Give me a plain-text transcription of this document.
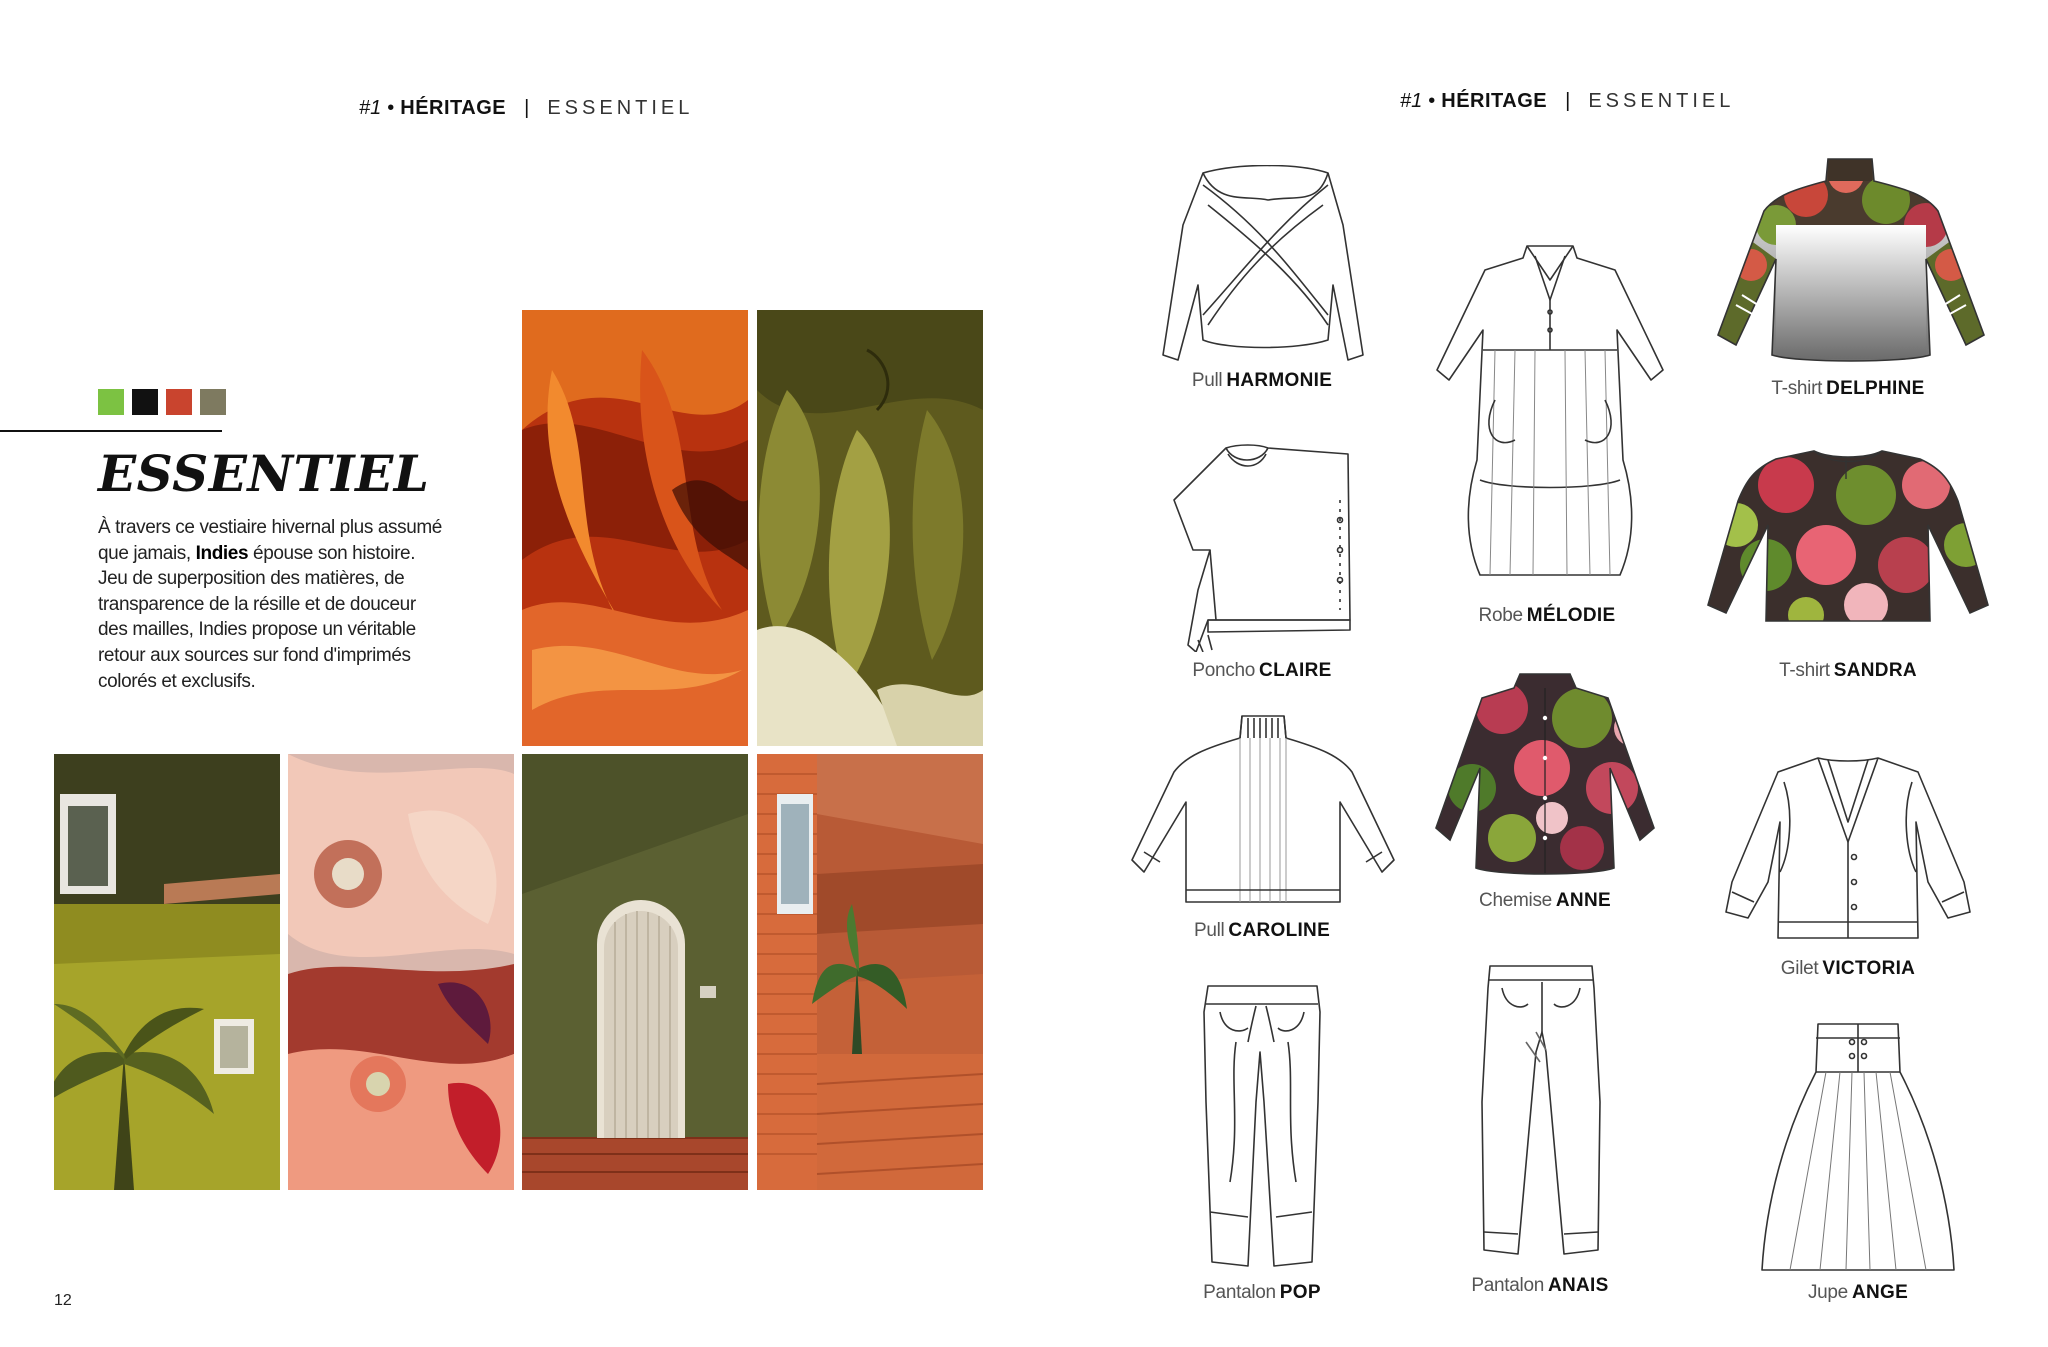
#1 • HÉRITAGE | ESSENTIEL
ESSENTIEL

À travers ce vestiaire hivernal plus assumé que jamais, Indies épouse son histoire. Jeu de superposition des matières, de transparence de la résille et de douceur des mailles, Indies propose un véritable retour aux sources sur fond d'imprimés colorés et exclusifs.

12
#1 • HÉRITAGE | ESSENTIEL
Pull HARMONIE
Poncho CLAIRE
Pull CAROLINE
Pantalon POP
Robe MÉLODIE
Chemise ANNE
Pantalon ANAIS
T-shirt DELPHINE
T-shirt SANDRA
Gilet VICTORIA
Jupe ANGE
